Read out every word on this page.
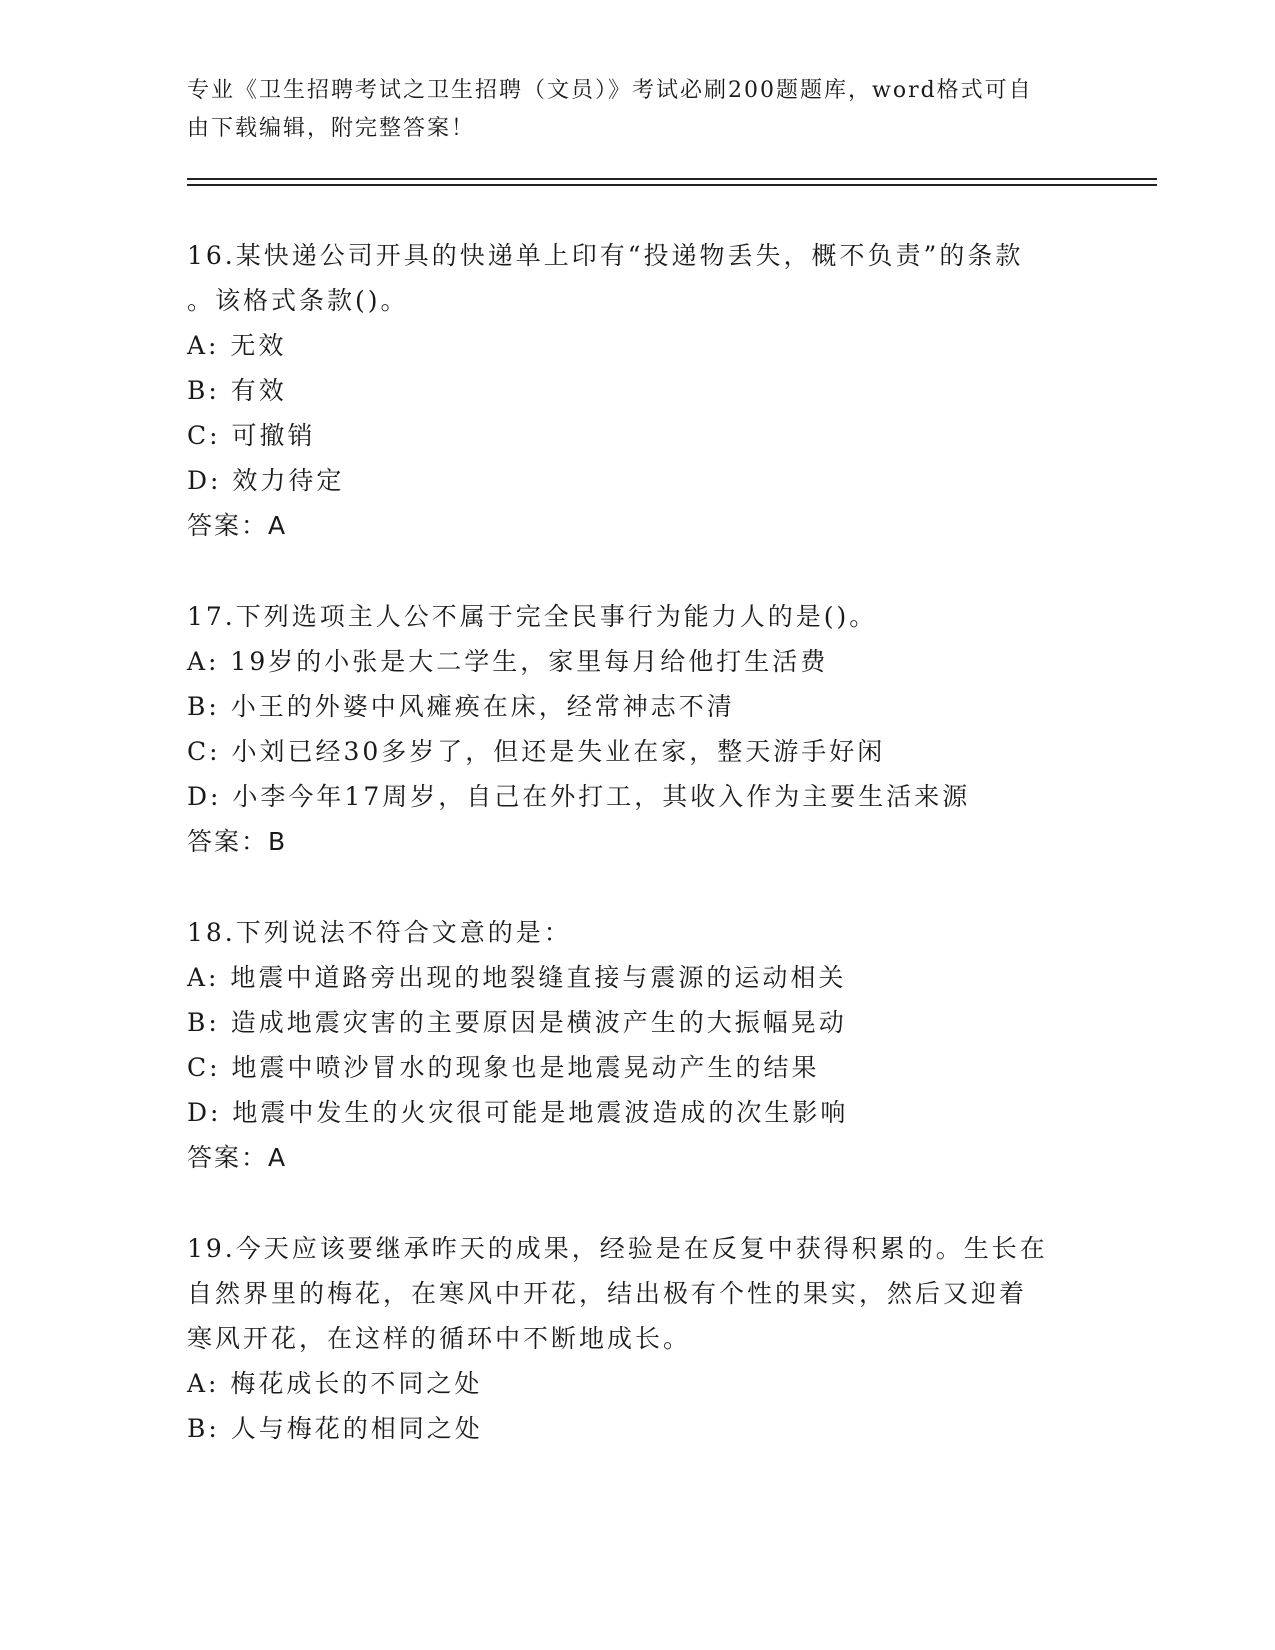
专业《卫生招聘考试之卫生招聘（文员）》考试必刷200题题库，word格式可自
由下载编辑，附完整答案！
16.某快递公司开具的快递单上印有“投递物丢失，概不负责”的条款
。该格式条款()。
A: 无效
B: 有效
C: 可撤销
D: 效力待定
答案：A
17.下列选项主人公不属于完全民事行为能力人的是()。
A: 19岁的小张是大二学生，家里每月给他打生活费
B: 小王的外婆中风瘫痪在床，经常神志不清
C: 小刘已经30多岁了，但还是失业在家，整天游手好闲
D: 小李今年17周岁，自己在外打工，其收入作为主要生活来源
答案：B
18.下列说法不符合文意的是：
A: 地震中道路旁出现的地裂缝直接与震源的运动相关
B: 造成地震灾害的主要原因是横波产生的大振幅晃动
C: 地震中喷沙冒水的现象也是地震晃动产生的结果
D: 地震中发生的火灾很可能是地震波造成的次生影响
答案：A
19.今天应该要继承昨天的成果，经验是在反复中获得积累的。生长在
自然界里的梅花，在寒风中开花，结出极有个性的果实，然后又迎着
寒风开花，在这样的循环中不断地成长。
A: 梅花成长的不同之处
B: 人与梅花的相同之处
